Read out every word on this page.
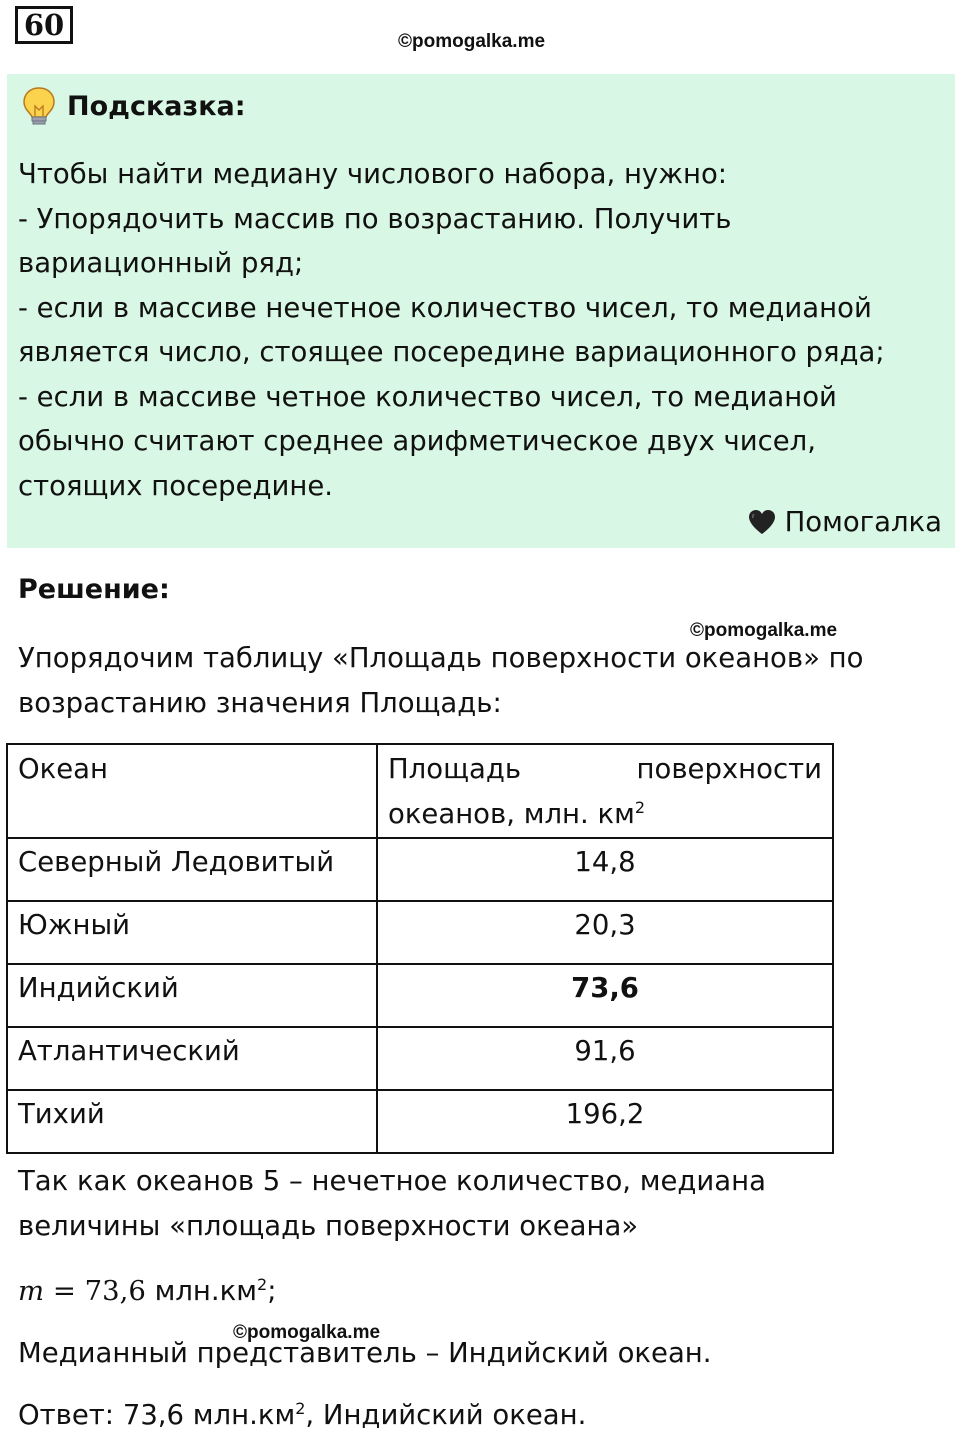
60	©pomogalka.me
Подсказка:
Чтобы найти медиану числового набора, нужно:
- Упорядочить массив по возрастанию. Получить
вариационный ряд;
- если в массиве нечетное количество чисел, то медианой
является число, стоящее посередине вариационного ряда;
- если в массиве четное количество чисел, то медианой
обычно считают среднее арифметическое двух чисел,
стоящих посередине.
Помогалка
Решение:
©pomogalka.me
Упорядочим таблицу «Площадь поверхности океанов» по
возрастанию значения Площадь:
Океан	Площадь поверхности
океанов, млн. $км^2$

Северный Ледовитый	14,8
Южный	20,3
Индийский	73,6
Атлантический	91,6
Тихий	196,2
Так как океанов 5 – нечетное количество, медиана
величины «площадь поверхности океана»
m = 73,6 $млн.км^2$;
©pomogalka.me
Медианный представитель – Индийский океан.
Ответ: 73,6 $млн.км^2$, Индийский океан.
